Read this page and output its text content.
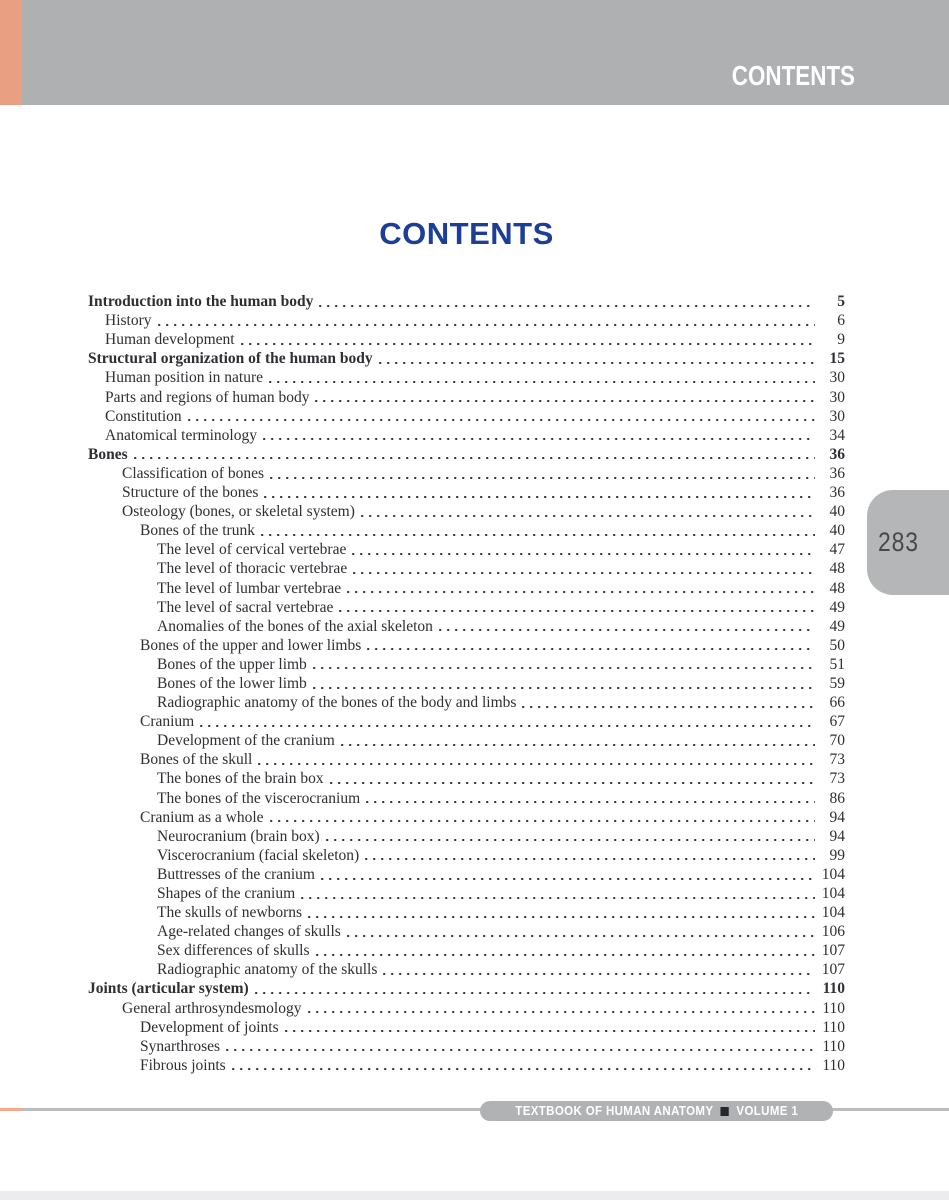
CONTENTS
CONTENTS
Introduction into the human body	5
History	6
Human development	9
Structural organization of the human body	15
Human position in nature	30
Parts and regions of human body	30
Constitution	30
Anatomical terminology	34
Bones	36
Classification of bones	36
Structure of the bones	36
Osteology (bones, or skeletal system)	40
Bones of the trunk	40
The level of cervical vertebrae	47
The level of thoracic vertebrae	48
The level of lumbar vertebrae	48
The level of sacral vertebrae	49
Anomalies of the bones of the axial skeleton	49
Bones of the upper and lower limbs	50
Bones of the upper limb	51
Bones of the lower limb	59
Radiographic anatomy of the bones of the body and limbs	66
Cranium	67
Development of the cranium	70
Bones of the skull	73
The bones of the brain box	73
The bones of the viscerocranium	86
Cranium as a whole	94
Neurocranium (brain box)	94
Viscerocranium (facial skeleton)	99
Buttresses of the cranium	104
Shapes of the cranium	104
The skulls of newborns	104
Age-related changes of skulls	106
Sex differences of skulls	107
Radiographic anatomy of the skulls	107
Joints (articular system)	110
General arthrosyndesmology	110
Development of joints	110
Synarthroses	110
Fibrous joints	110
283
TEXTBOOK OF HUMAN ANATOMY VOLUME 1
